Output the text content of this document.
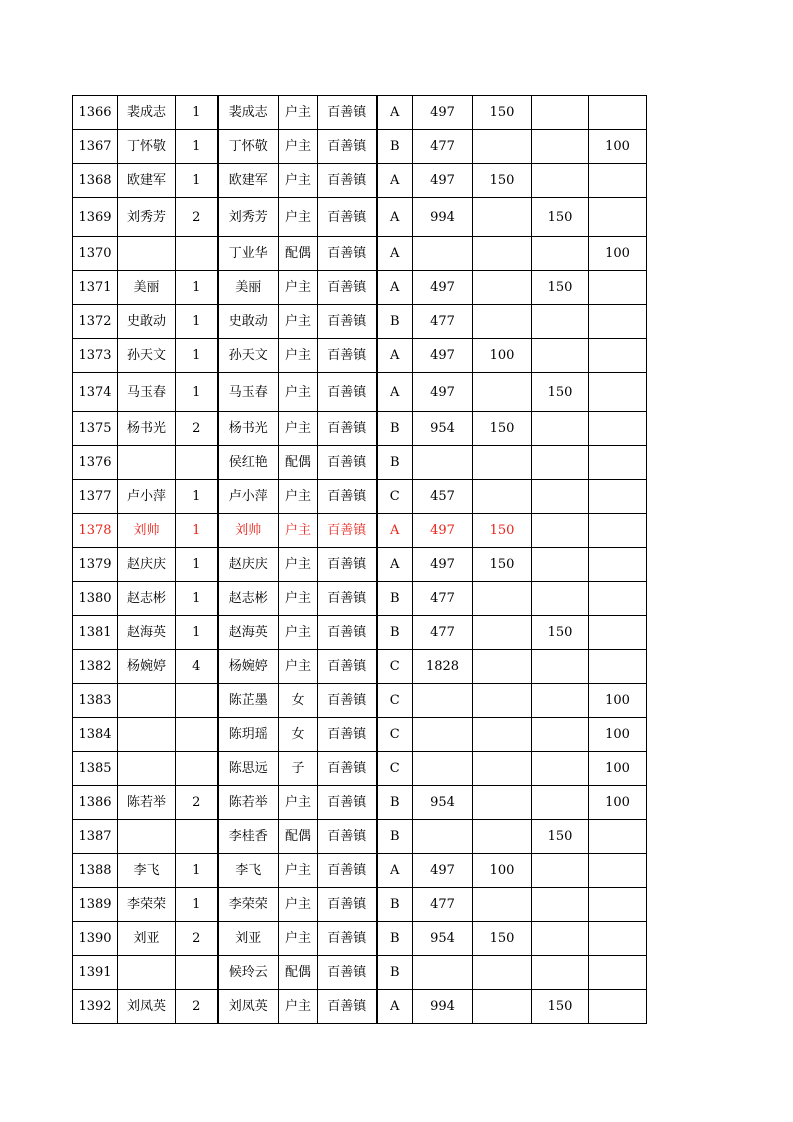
1366	裴成志	1	裴成志	户主	百善镇	A	497	150		
1367	丁怀敬	1	丁怀敬	户主	百善镇	B	477			100
1368	欧建军	1	欧建军	户主	百善镇	A	497	150		
1369	刘秀芳	2	刘秀芳	户主	百善镇	A	994		150	
1370			丁业华	配偶	百善镇	A				100
1371	美丽	1	美丽	户主	百善镇	A	497		150	
1372	史敢动	1	史敢动	户主	百善镇	B	477			
1373	孙天文	1	孙天文	户主	百善镇	A	497	100		
1374	马玉春	1	马玉春	户主	百善镇	A	497		150	
1375	杨书光	2	杨书光	户主	百善镇	B	954	150		
1376			侯红艳	配偶	百善镇	B				
1377	卢小萍	1	卢小萍	户主	百善镇	C	457			
1378	刘帅	1	刘帅	户主	百善镇	A	497	150		
1379	赵庆庆	1	赵庆庆	户主	百善镇	A	497	150		
1380	赵志彬	1	赵志彬	户主	百善镇	B	477			
1381	赵海英	1	赵海英	户主	百善镇	B	477		150	
1382	杨婉婷	4	杨婉婷	户主	百善镇	C	1828			
1383			陈芷墨	女	百善镇	C				100
1384			陈玥瑶	女	百善镇	C				100
1385			陈思远	子	百善镇	C				100
1386	陈若举	2	陈若举	户主	百善镇	B	954			100
1387			李桂香	配偶	百善镇	B			150	
1388	李飞	1	李飞	户主	百善镇	A	497	100		
1389	李荣荣	1	李荣荣	户主	百善镇	B	477			
1390	刘亚	2	刘亚	户主	百善镇	B	954	150		
1391			候玲云	配偶	百善镇	B				
1392	刘凤英	2	刘凤英	户主	百善镇	A	994		150	
